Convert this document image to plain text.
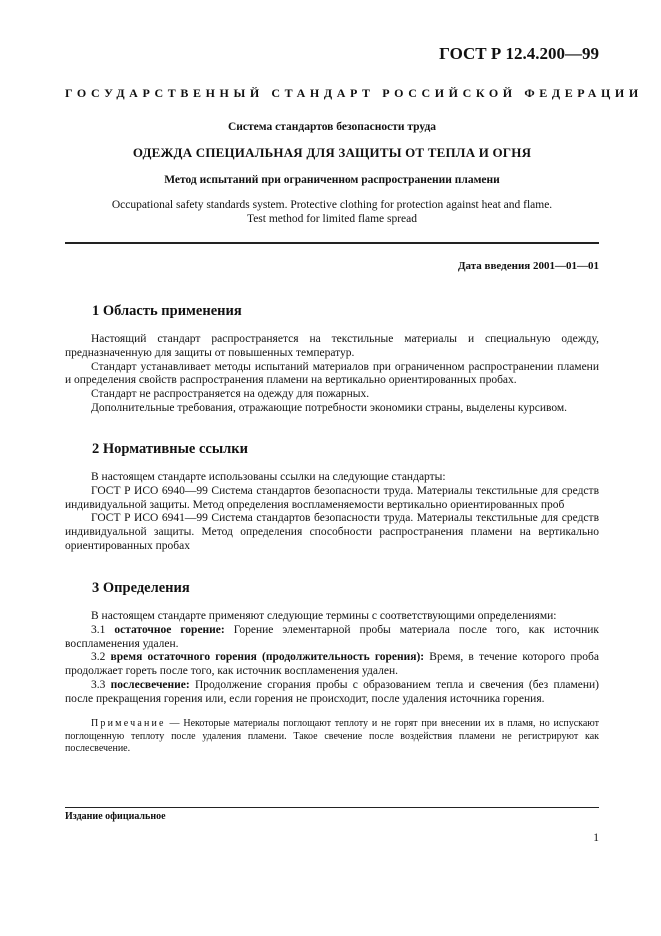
ГОСТ Р 12.4.200—99
ГОСУДАРСТВЕННЫЙ СТАНДАРТ РОССИЙСКОЙ ФЕДЕРАЦИИ
Система стандартов безопасности труда
ОДЕЖДА СПЕЦИАЛЬНАЯ ДЛЯ ЗАЩИТЫ ОТ ТЕПЛА И ОГНЯ
Метод испытаний при ограниченном распространении пламени
Occupational safety standards system. Protective clothing for protection against heat and flame.
Test method for limited flame spread
Дата введения 2001—01—01
1 Область применения

Настоящий стандарт распространяется на текстильные материалы и специальную одежду, предназначенную для защиты от повышенных температур.

Стандарт устанавливает методы испытаний материалов при ограниченном распространении пламени и определения свойств распространения пламени на вертикально ориентированных пробах.

Стандарт не распространяется на одежду для пожарных.

Дополнительные требования, отражающие потребности экономики страны, выделены курсивом.

2 Нормативные ссылки

В настоящем стандарте использованы ссылки на следующие стандарты:

ГОСТ Р ИСО 6940—99 Система стандартов безопасности труда. Материалы текстильные для средств индивидуальной защиты. Метод определения воспламеняемости вертикально ориентированных проб

ГОСТ Р ИСО 6941—99 Система стандартов безопасности труда. Материалы текстильные для средств индивидуальной защиты. Метод определения способности распространения пламени на вертикально ориентированных пробах

3 Определения

В настоящем стандарте применяют следующие термины с соответствующими определениями:

3.1 остаточное горение: Горение элементарной пробы материала после того, как источник воспламенения удален.

3.2 время остаточного горения (продолжительность горения): Время, в течение которого проба продолжает гореть после того, как источник воспламенения удален.

3.3 послесвечение: Продолжение сгорания пробы с образованием тепла и свечения (без пламени) после прекращения горения или, если горения не происходит, после удаления источника горения.

Примечание — Некоторые материалы поглощают теплоту и не горят при внесении их в пламя, но испускают поглощенную теплоту после удаления пламени. Такое свечение после воздействия пламени не регистрируют как послесвечение.
Издание официальное
1
